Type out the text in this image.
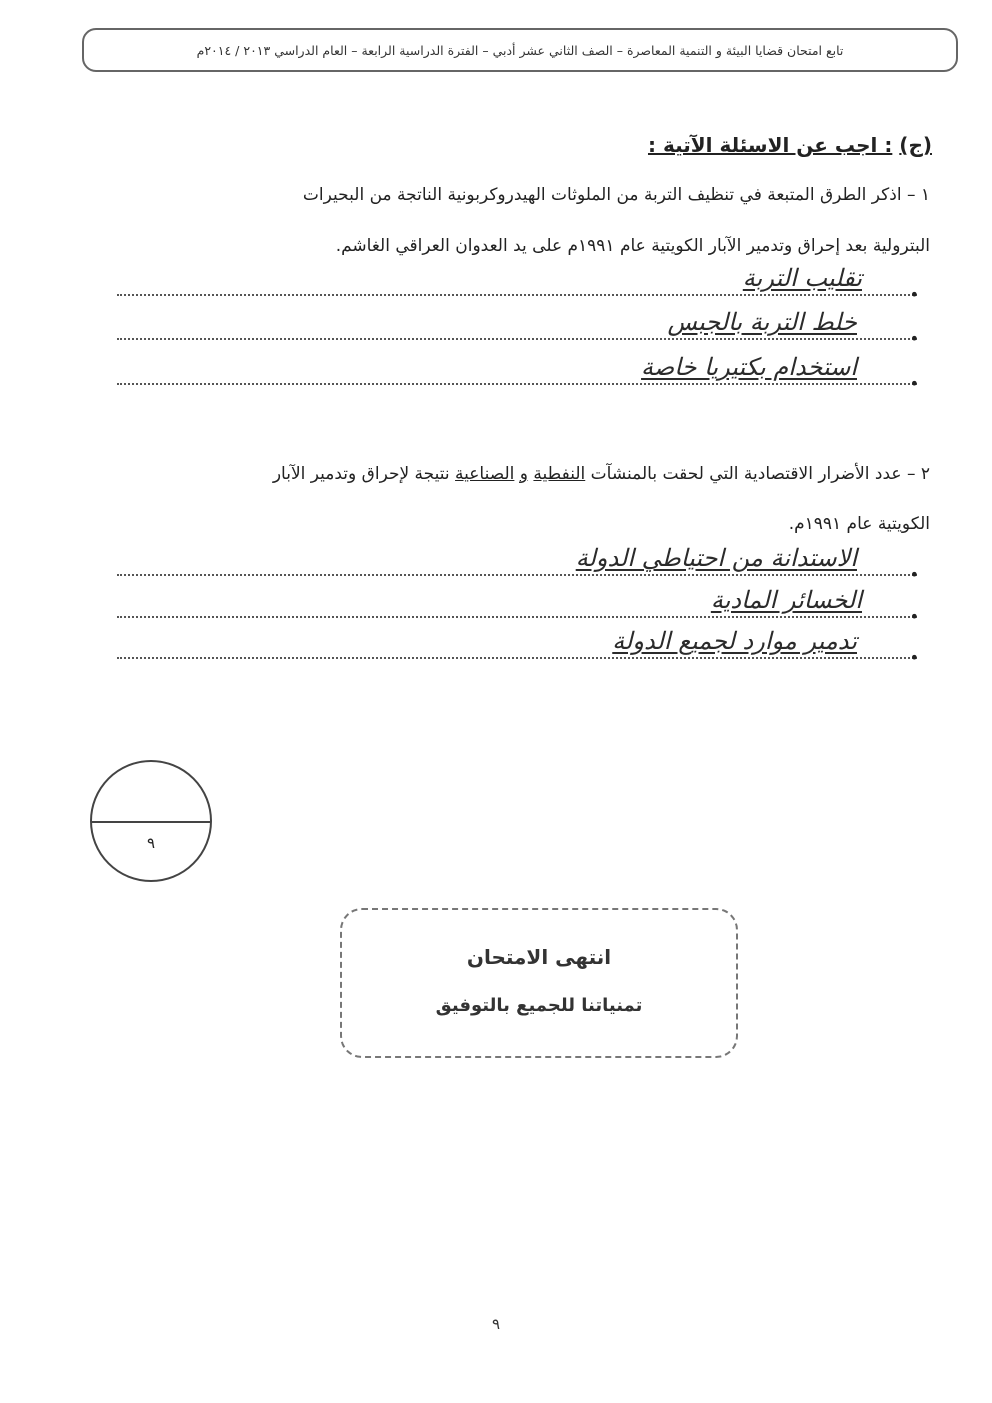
تابع امتحان قضايا البيئة و التنمية المعاصرة – الصف الثاني عشر أدبي – الفترة الدراسية الرابعة – العام الدراسي ٢٠١٣ / ٢٠١٤م
(ج) : اجب عن الاسئلة الآتية :
١ – اذكر الطرق المتبعة في تنظيف التربة من الملوثات الهيدروكربونية الناتجة من البحيرات
البترولية بعد إحراق وتدمير الآبار الكويتية عام ١٩٩١م على يد العدوان العراقي الغاشم.
•
تقليب التربة
•
خلط التربة بالجبس
•
استخدام بكتيريا خاصة
٢ – عدد الأضرار الاقتصادية التي لحقت بالمنشآت النفطية و الصناعية نتيجة لإحراق وتدمير الآبار
الكويتية عام ١٩٩١م.
•
الاستدانة من احتياطي الدولة
•
الخسائر المادية
•
تدمير موارد لجميع الدولة
٩
انتهى الامتحان
تمنياتنا للجميع بالتوفيق
٩
